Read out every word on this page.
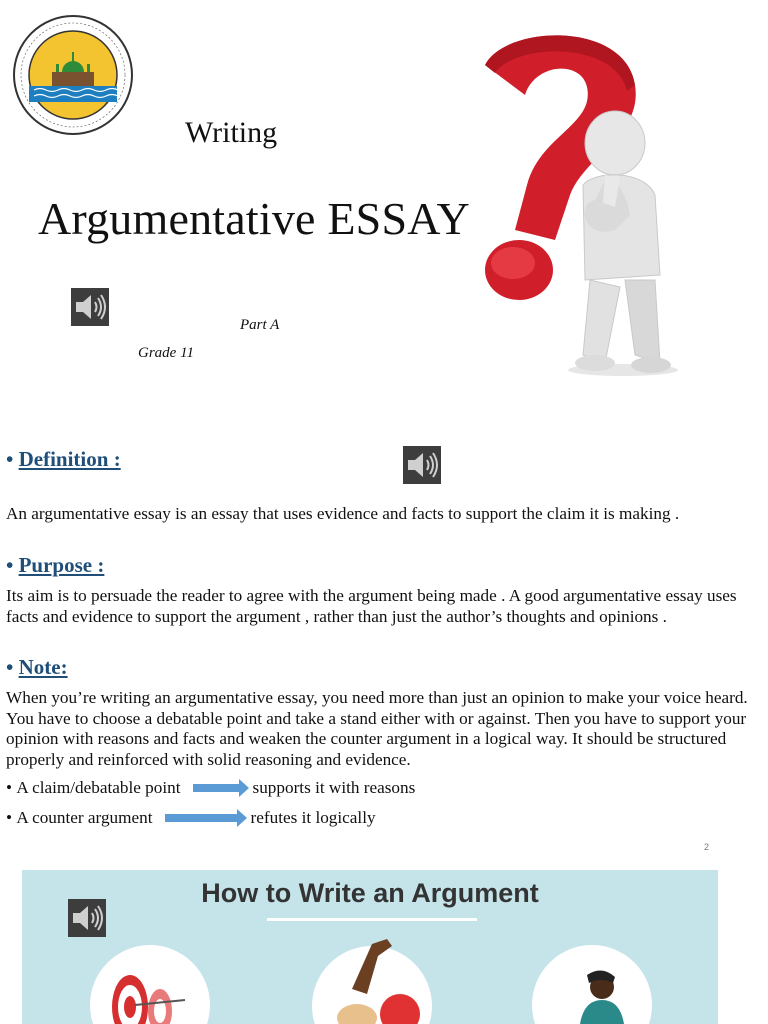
Writing
Argumentative ESSAY
Part A
Grade 11
• Definition :
An argumentative essay is an essay that uses evidence and facts to support the claim it is making .
• Purpose :
Its aim is to persuade the reader to agree with the argument being made . A good argumentative essay uses facts and evidence to support the argument , rather than just the author’s thoughts and opinions .
• Note:
When you’re writing an argumentative essay, you need more than just an opinion to make your voice heard. You have to choose a debatable point and take a stand either with or against. Then you have to support your opinion with reasons and facts and weaken the counter argument in a logical way. It should be structured properly and reinforced with solid reasoning and evidence.
•
A claim/debatable point	supports it with reasons
•
A counter argument	refutes it logically
2
How to Write an Argument
